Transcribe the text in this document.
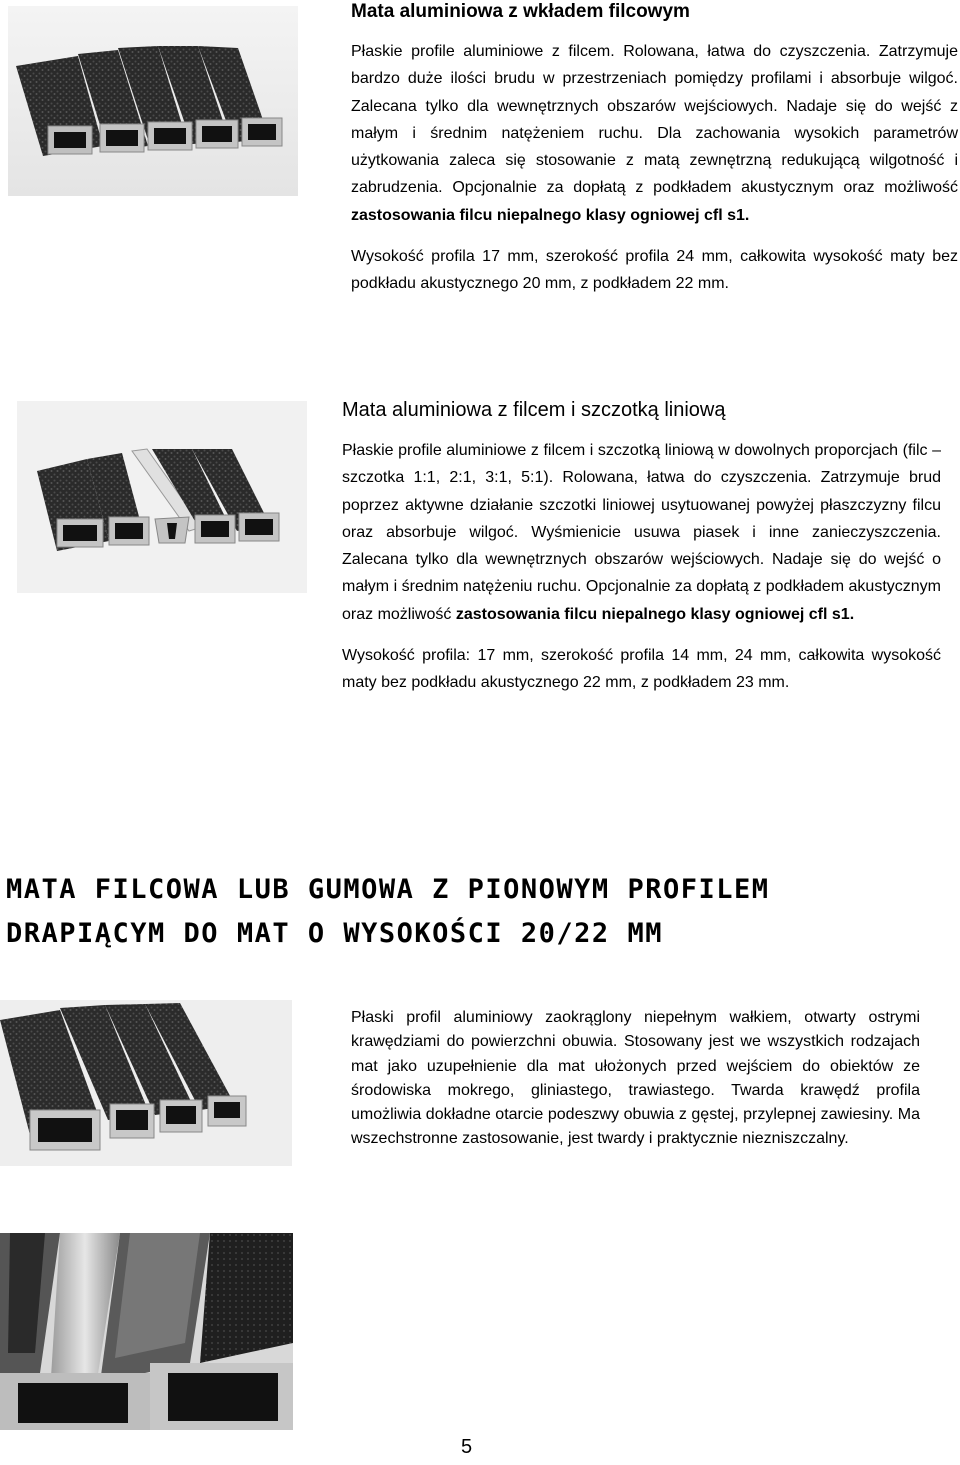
Mata aluminiowa z wkładem filcowym

Płaskie profile aluminiowe z filcem. Rolowana, łatwa do czyszczenia. Zatrzymuje bardzo duże ilości brudu w przestrzeniach pomiędzy profilami i absorbuje wilgoć. Zalecana tylko dla wewnętrznych obszarów wejściowych. Nadaje się do wejść z małym i średnim natężeniem ruchu. Dla zachowania wysokich parametrów użytkowania zaleca się stosowanie z matą zewnętrzną redukującą wilgotność i zabrudzenia. Opcjonalnie za dopłatą z podkładem akustycznym oraz możliwość zastosowania filcu niepalnego klasy ogniowej cfl s1.

Wysokość profila 17 mm, szerokość profila 24 mm, całkowita wysokość maty bez podkładu akustycznego 20 mm, z podkładem 22 mm.

Mata aluminiowa z filcem i szczotką liniową

Płaskie profile aluminiowe z filcem i szczotką liniową w dowolnych proporcjach (filc – szczotka 1:1, 2:1, 3:1, 5:1). Rolowana, łatwa do czyszczenia. Zatrzymuje brud poprzez aktywne działanie szczotki liniowej usytuowanej powyżej płaszczyzny filcu oraz absorbuje wilgoć. Wyśmienicie usuwa piasek i inne zanieczyszczenia. Zalecana tylko dla wewnętrznych obszarów wejściowych. Nadaje się do wejść o małym i średnim natężeniu ruchu. Opcjonalnie za dopłatą z podkładem akustycznym oraz możliwość zastosowania filcu niepalnego klasy ogniowej cfl s1.

Wysokość profila: 17 mm, szerokość profila 14 mm, 24 mm, całkowita wysokość maty bez podkładu akustycznego 22 mm, z podkładem 23 mm.

MATA FILCOWA LUB GUMOWA Z PIONOWYM PROFILEM DRAPIĄCYM DO MAT O WYSOKOŚCI 20/22 MM

Płaski profil aluminiowy zaokrąglony niepełnym wałkiem, otwarty ostrymi krawędziami do powierzchni obuwia. Stosowany jest we wszystkich rodzajach mat jako uzupełnienie dla mat ułożonych przed wejściem do obiektów ze środowiska mokrego, gliniastego, trawiastego. Twarda krawędź profila umożliwia dokładne otarcie podeszwy obuwia z gęstej, przylepnej zawiesiny. Ma wszechstronne zastosowanie, jest twardy i praktycznie niezniszczalny.

5
